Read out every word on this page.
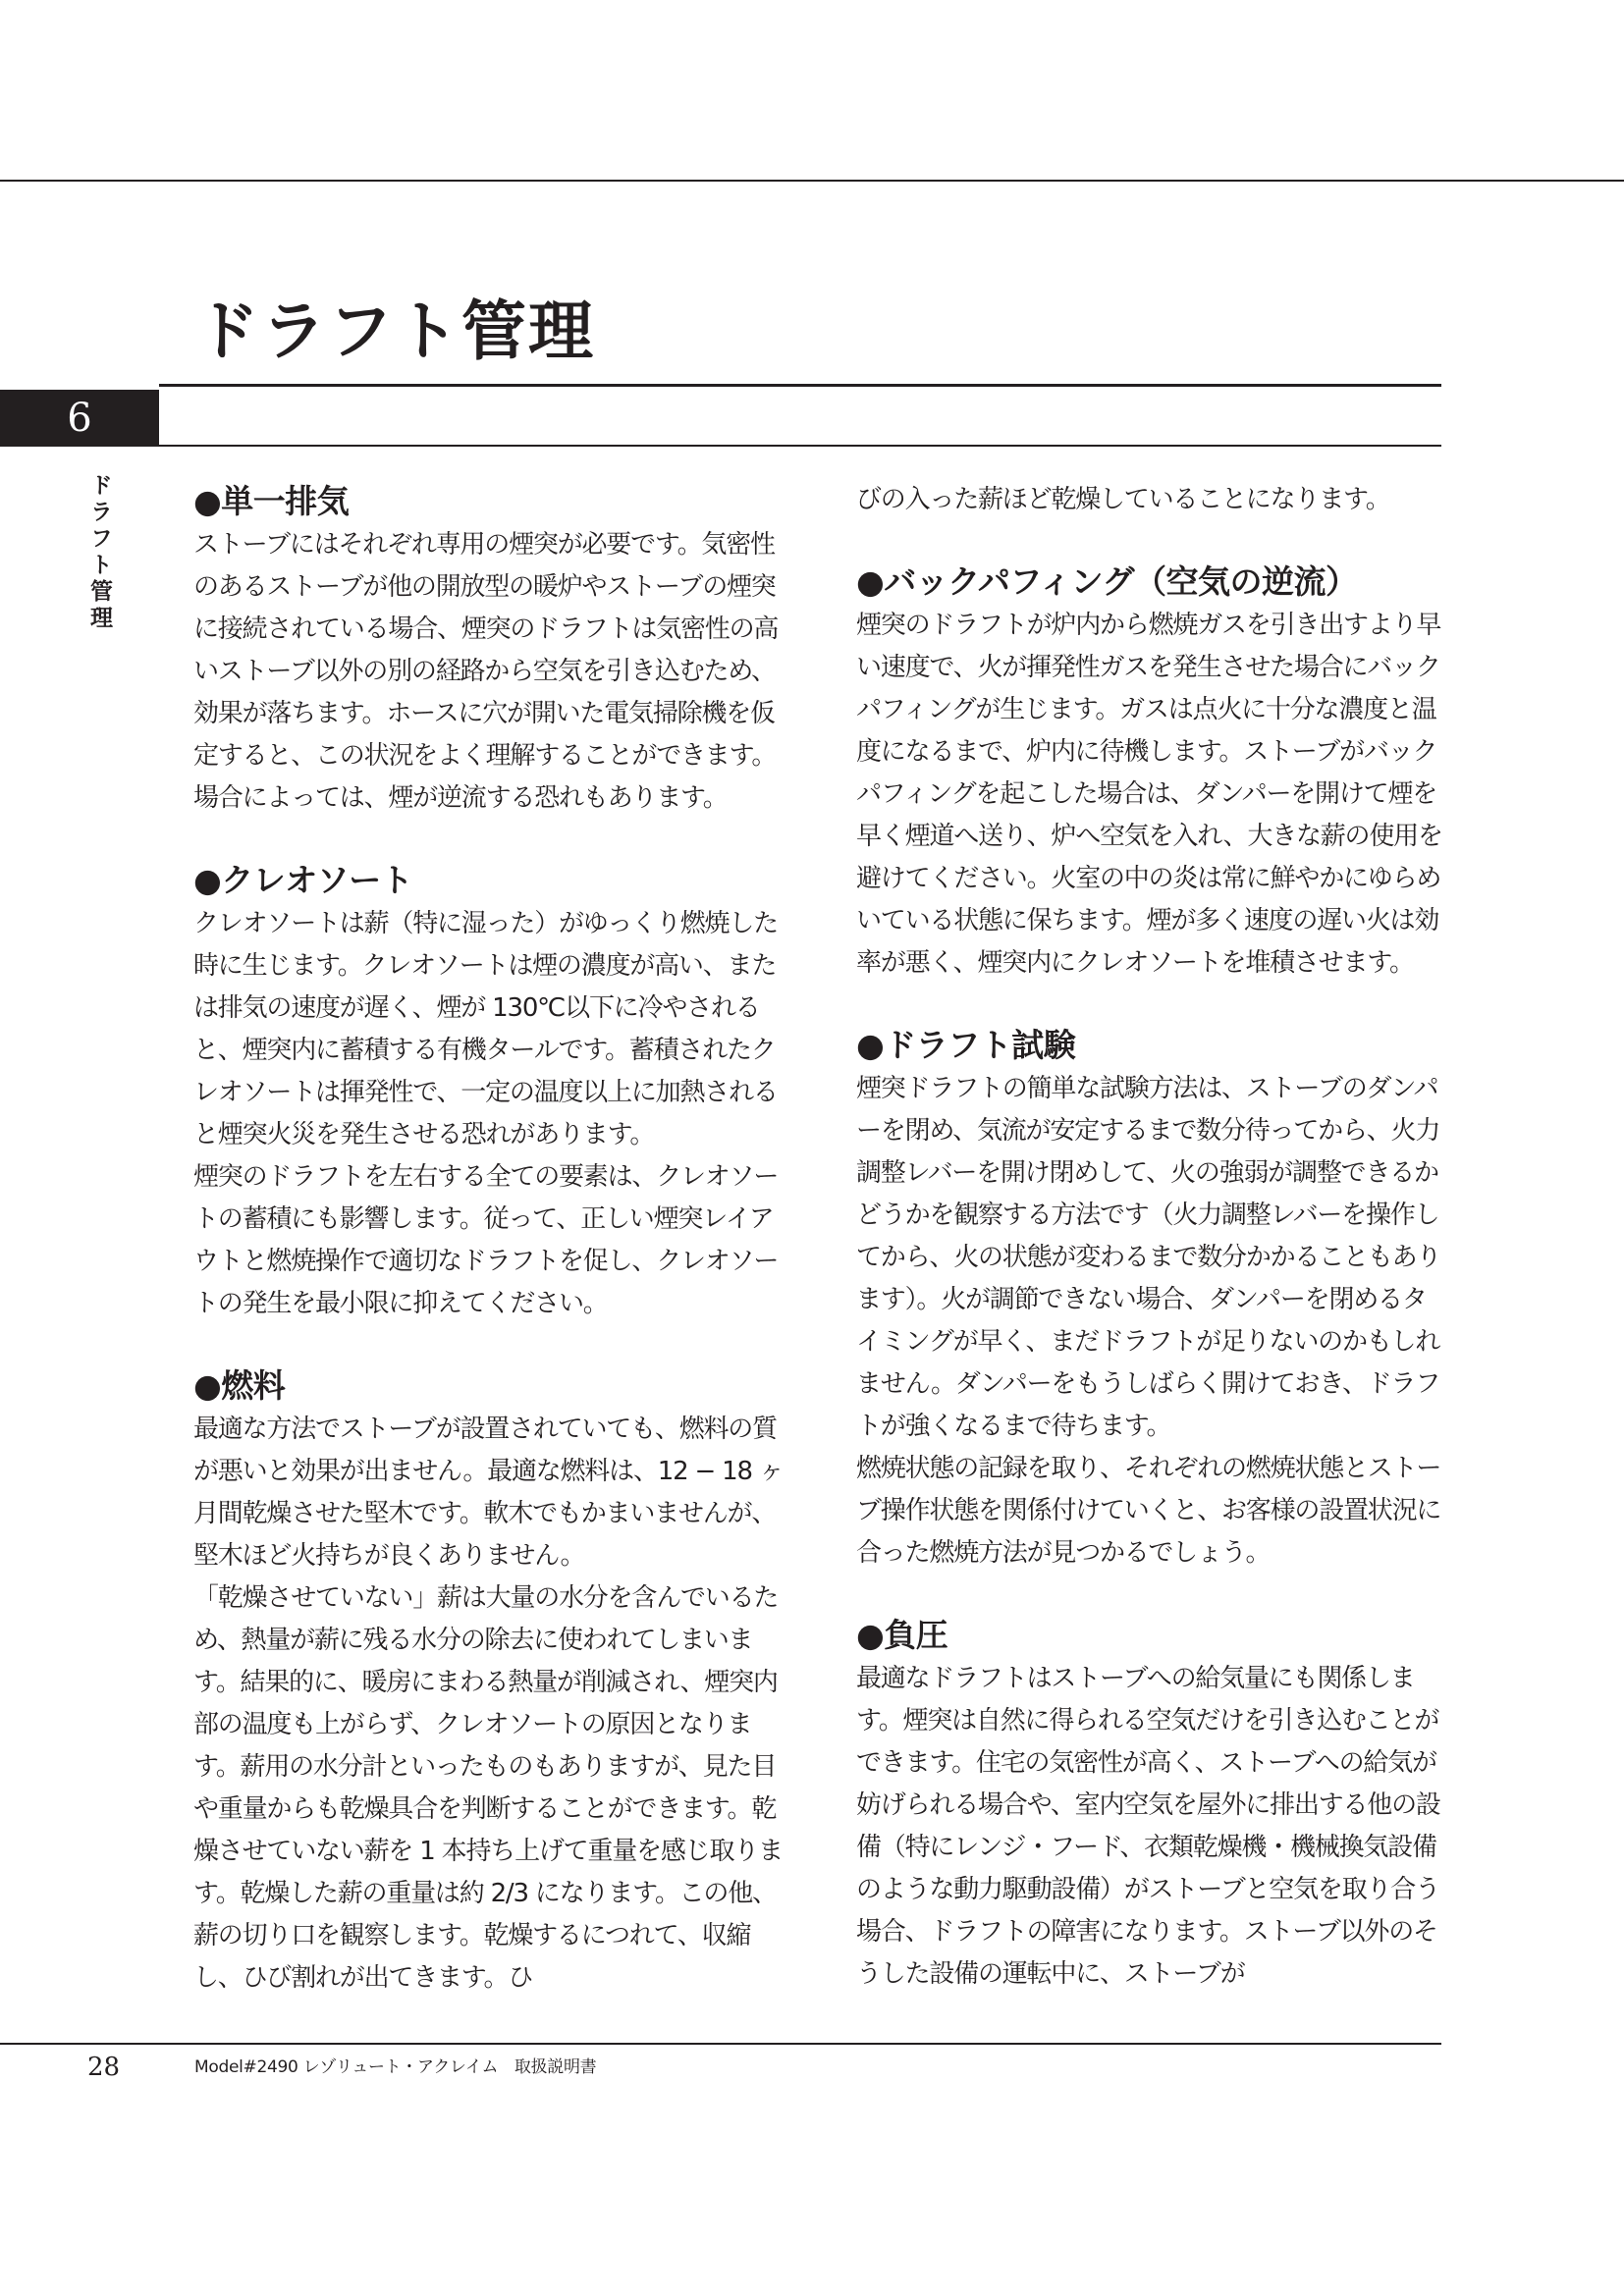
ドラフト管理
6
ドラフト管理 ●単一排気

ストーブにはそれぞれ専用の煙突が必要です。気密性のあるストーブが他の開放型の暖炉やストーブの煙突に接続されている場合、煙突のドラフトは気密性の高いストーブ以外の別の経路から空気を引き込むため、効果が落ちます。ホースに穴が開いた電気掃除機を仮定すると、この状況をよく理解することができます。場合によっては、煙が逆流する恐れもあります。

●クレオソート

クレオソートは薪（特に湿った）がゆっくり燃焼した時に生じます。クレオソートは煙の濃度が高い、または排気の速度が遅く、煙が 130℃以下に冷やされると、煙突内に蓄積する有機タールです。蓄積されたクレオソートは揮発性で、一定の温度以上に加熱されると煙突火災を発生させる恐れがあります。

煙突のドラフトを左右する全ての要素は、クレオソートの蓄積にも影響します。従って、正しい煙突レイアウトと燃焼操作で適切なドラフトを促し、クレオソートの発生を最小限に抑えてください。

●燃料

最適な方法でストーブが設置されていても、燃料の質が悪いと効果が出ません。最適な燃料は、12 − 18 ヶ月間乾燥させた堅木です。軟木でもかまいませんが、堅木ほど火持ちが良くありません。

「乾燥させていない」薪は大量の水分を含んでいるため、熱量が薪に残る水分の除去に使われてしまいます。結果的に、暖房にまわる熱量が削減され、煙突内部の温度も上がらず、クレオソートの原因となります。薪用の水分計といったものもありますが、見た目や重量からも乾燥具合を判断することができます。乾燥させていない薪を 1 本持ち上げて重量を感じ取ります。乾燥した薪の重量は約 2/3 になります。この他、薪の切り口を観察します。乾燥するにつれて、収縮し、ひび割れが出てきます。ひ

びの入った薪ほど乾燥していることになります。

●バックパフィング（空気の逆流）

煙突のドラフトが炉内から燃焼ガスを引き出すより早い速度で、火が揮発性ガスを発生させた場合にバックパフィングが生じます。ガスは点火に十分な濃度と温度になるまで、炉内に待機します。ストーブがバックパフィングを起こした場合は、ダンパーを開けて煙を早く煙道へ送り、炉へ空気を入れ、大きな薪の使用を避けてください。火室の中の炎は常に鮮やかにゆらめいている状態に保ちます。煙が多く速度の遅い火は効率が悪く、煙突内にクレオソートを堆積させます。

●ドラフト試験

煙突ドラフトの簡単な試験方法は、ストーブのダンパーを閉め、気流が安定するまで数分待ってから、火力調整レバーを開け閉めして、火の強弱が調整できるかどうかを観察する方法です（火力調整レバーを操作してから、火の状態が変わるまで数分かかることもあります）。火が調節できない場合、ダンパーを閉めるタイミングが早く、まだドラフトが足りないのかもしれません。ダンパーをもうしばらく開けておき、ドラフトが強くなるまで待ちます。

燃焼状態の記録を取り、それぞれの燃焼状態とストーブ操作状態を関係付けていくと、お客様の設置状況に合った燃焼方法が見つかるでしょう。

●負圧

最適なドラフトはストーブへの給気量にも関係します。煙突は自然に得られる空気だけを引き込むことができます。住宅の気密性が高く、ストーブへの給気が妨げられる場合や、室内空気を屋外に排出する他の設備（特にレンジ・フード、衣類乾燥機・機械換気設備のような動力駆動設備）がストーブと空気を取り合う場合、ドラフトの障害になります。ストーブ以外のそうした設備の運転中に、ストーブが

28	Model#2490 レゾリュート・アクレイム　取扱説明書
